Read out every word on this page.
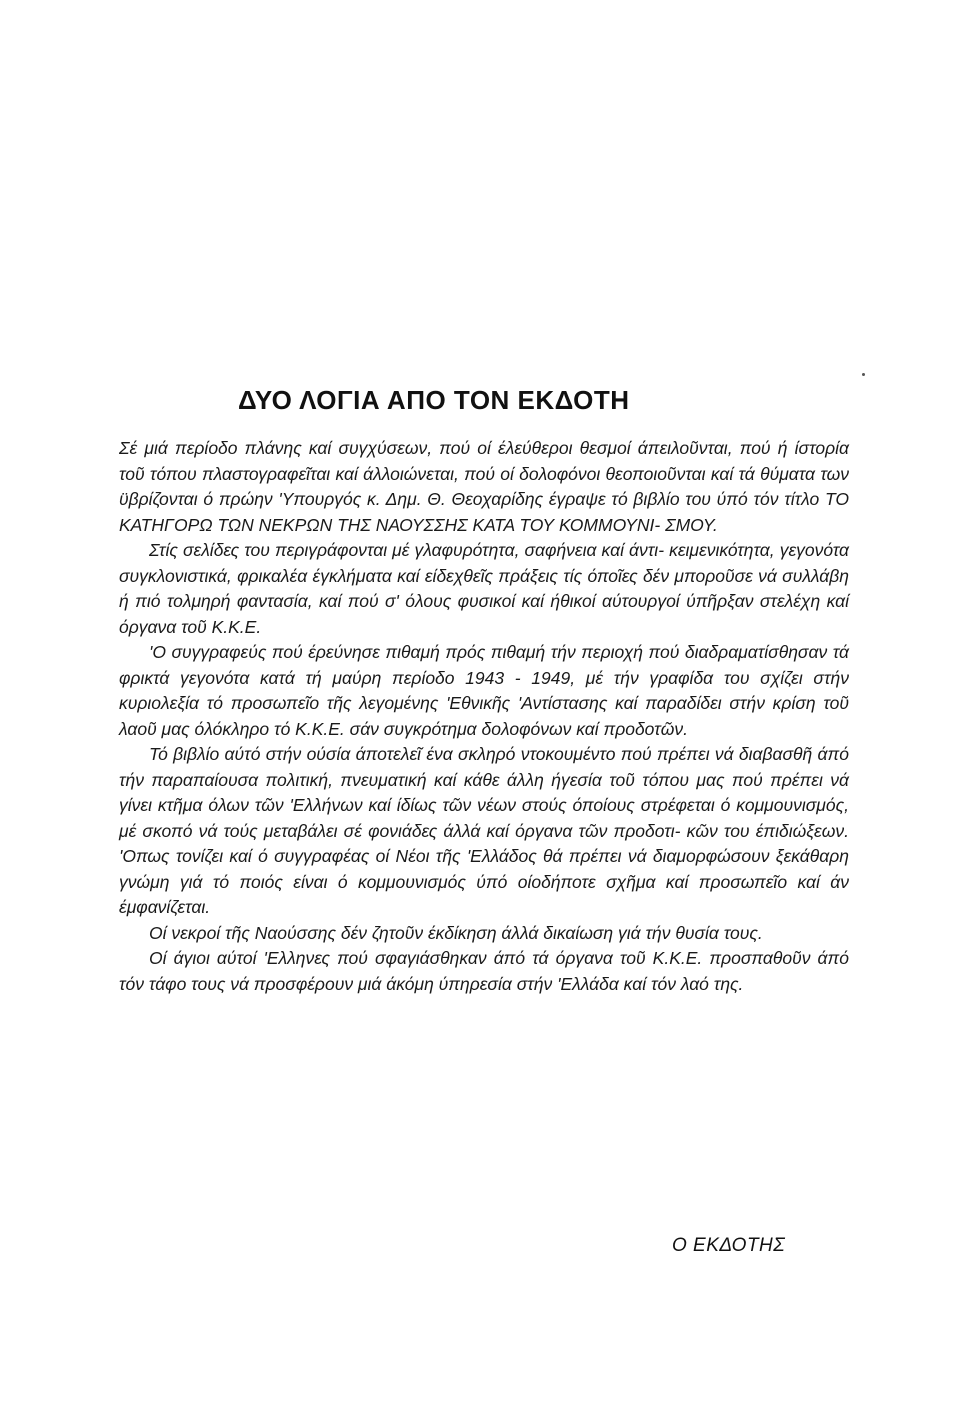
ΔΥΟ ΛΟΓΙΑ ΑΠΟ ΤΟΝ ΕΚΔΟΤΗ

Σέ μιά περίοδο πλάνης καί συγχύσεων, πού οί έλεύθεροι θεσμοί άπειλοῦνται, πού ή ίστορία τοῦ τόπου πλαστογραφεῖται καί άλλοιώνεται, πού οί δολοφόνοι θεοποιοῦνται καί τά θύματα των ϋβρίζονται ό πρώην 'Υπουργός κ. Δημ. Θ. Θεοχαρίδης έγραψε τό βιβλίο του ύπό τόν τίτλο ΤΟ ΚΑΤΗΓΟΡΩ ΤΩΝ ΝΕΚΡΩΝ ΤΗΣ ΝΑΟΥΣΣΗΣ ΚΑΤΑ ΤΟΥ ΚΟΜΜΟΥΝΙ- ΣΜΟΥ.

Στίς σελίδες του περιγράφονται μέ γλαφυρότητα, σαφήνεια καί άντι- κειμενικότητα, γεγονότα συγκλονιστικά, φρικαλέα έγκλήματα καί είδεχθεῖς πράξεις τίς όποῖες δέν μποροῦσε νά συλλάβη ή πιό τολμηρή φαντασία, καί πού σ' όλους φυσικοί καί ήθικοί αύτουργοί ύπῆρξαν στελέχη καί όργανα τοῦ Κ.Κ.Ε.

'Ο συγγραφεύς πού έρεύνησε πιθαμή πρός πιθαμή τήν περιοχή πού διαδραματίσθησαν τά φρικτά γεγονότα κατά τή μαύρη περίοδο 1943 - 1949, μέ τήν γραφίδα του σχίζει στήν κυριολεξία τό προσωπεῖο τῆς λεγομένης 'Εθνικῆς 'Αντίστασης καί παραδίδει στήν κρίση τοῦ λαοῦ μας όλόκληρο τό Κ.Κ.Ε. σάν συγκρότημα δολοφόνων καί προδοτῶν.

Τό βιβλίο αύτό στήν ούσία άποτελεῖ ένα σκληρό ντοκουμέντο πού πρέπει νά διαβασθῆ άπό τήν παραπαίουσα πολιτική, πνευματική καί κάθε άλλη ήγεσία τοῦ τόπου μας πού πρέπει νά γίνει κτῆμα όλων τῶν 'Ελλήνων καί ίδίως τῶν νέων στούς όποίους στρέφεται ό κομμουνισμός, μέ σκοπό νά τούς μεταβάλει σέ φονιάδες άλλά καί όργανα τῶν προδοτι- κῶν του έπιδιώξεων. 'Οπως τονίζει καί ό συγγραφέας οί Νέοι τῆς 'Ελλάδος θά πρέπει νά διαμορφώσουν ξεκάθαρη γνώμη γιά τό ποιός είναι ό κομμουνισμός ύπό οίοδήποτε σχῆμα καί προσωπεῖο καί άν έμφανίζεται.

Οί νεκροί τῆς Ναούσσης δέν ζητοῦν έκδίκηση άλλά δικαίωση γιά τήν θυσία τους.

Οί άγιοι αύτοί 'Ελληνες πού σφαγιάσθηκαν άπό τά όργανα τοῦ Κ.Κ.Ε. προσπαθοῦν άπό τόν τάφο τους νά προσφέρουν μιά άκόμη ύπηρεσία στήν 'Ελλάδα καί τόν λαό της.

Ο ΕΚΔΟΤΗΣ
